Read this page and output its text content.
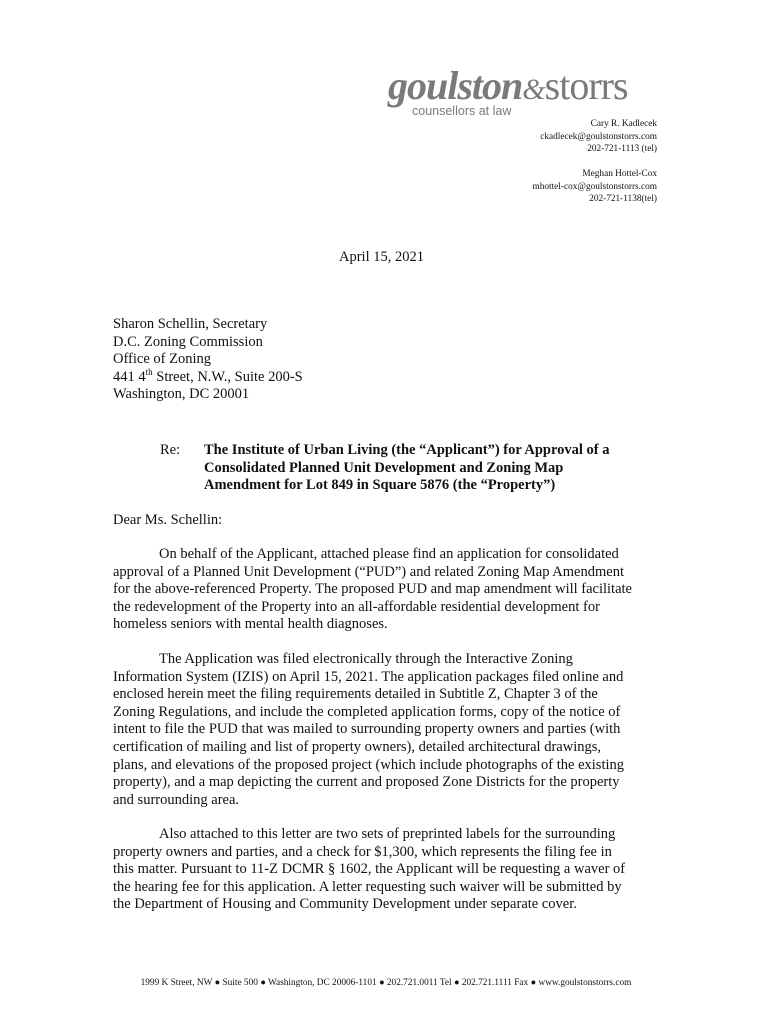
goulston&storrs
counsellors at law
Cary R. Kadlecek
ckadlecek@goulstonstorrs.com
202-721-1113 (tel)
Meghan Hottel-Cox
mhottel-cox@goulstonstorrs.com
202-721-1138(tel)
April 15, 2021
Sharon Schellin, Secretary
D.C. Zoning Commission
Office of Zoning
441 4th Street, N.W., Suite 200-S
Washington, DC 20001
Re: The Institute of Urban Living (the “Applicant”) for Approval of a
Consolidated Planned Unit Development and Zoning Map
Amendment for Lot 849 in Square 5876 (the “Property”)
Dear Ms. Schellin:
On behalf of the Applicant, attached please find an application for consolidated
approval of a Planned Unit Development (“PUD”) and related Zoning Map Amendment
for the above-referenced Property. The proposed PUD and map amendment will facilitate
the redevelopment of the Property into an all-affordable residential development for
homeless seniors with mental health diagnoses.
The Application was filed electronically through the Interactive Zoning
Information System (IZIS) on April 15, 2021. The application packages filed online and
enclosed herein meet the filing requirements detailed in Subtitle Z, Chapter 3 of the
Zoning Regulations, and include the completed application forms, copy of the notice of
intent to file the PUD that was mailed to surrounding property owners and parties (with
certification of mailing and list of property owners), detailed architectural drawings,
plans, and elevations of the proposed project (which include photographs of the existing
property), and a map depicting the current and proposed Zone Districts for the property
and surrounding area.
Also attached to this letter are two sets of preprinted labels for the surrounding
property owners and parties, and a check for $1,300, which represents the filing fee in
this matter. Pursuant to 11-Z DCMR § 1602, the Applicant will be requesting a waver of
the hearing fee for this application. A letter requesting such waiver will be submitted by
the Department of Housing and Community Development under separate cover.
1999 K Street, NW ● Suite 500 ● Washington, DC 20006-1101 ● 202.721.0011 Tel ● 202.721.1111 Fax ● www.goulstonstorrs.com
